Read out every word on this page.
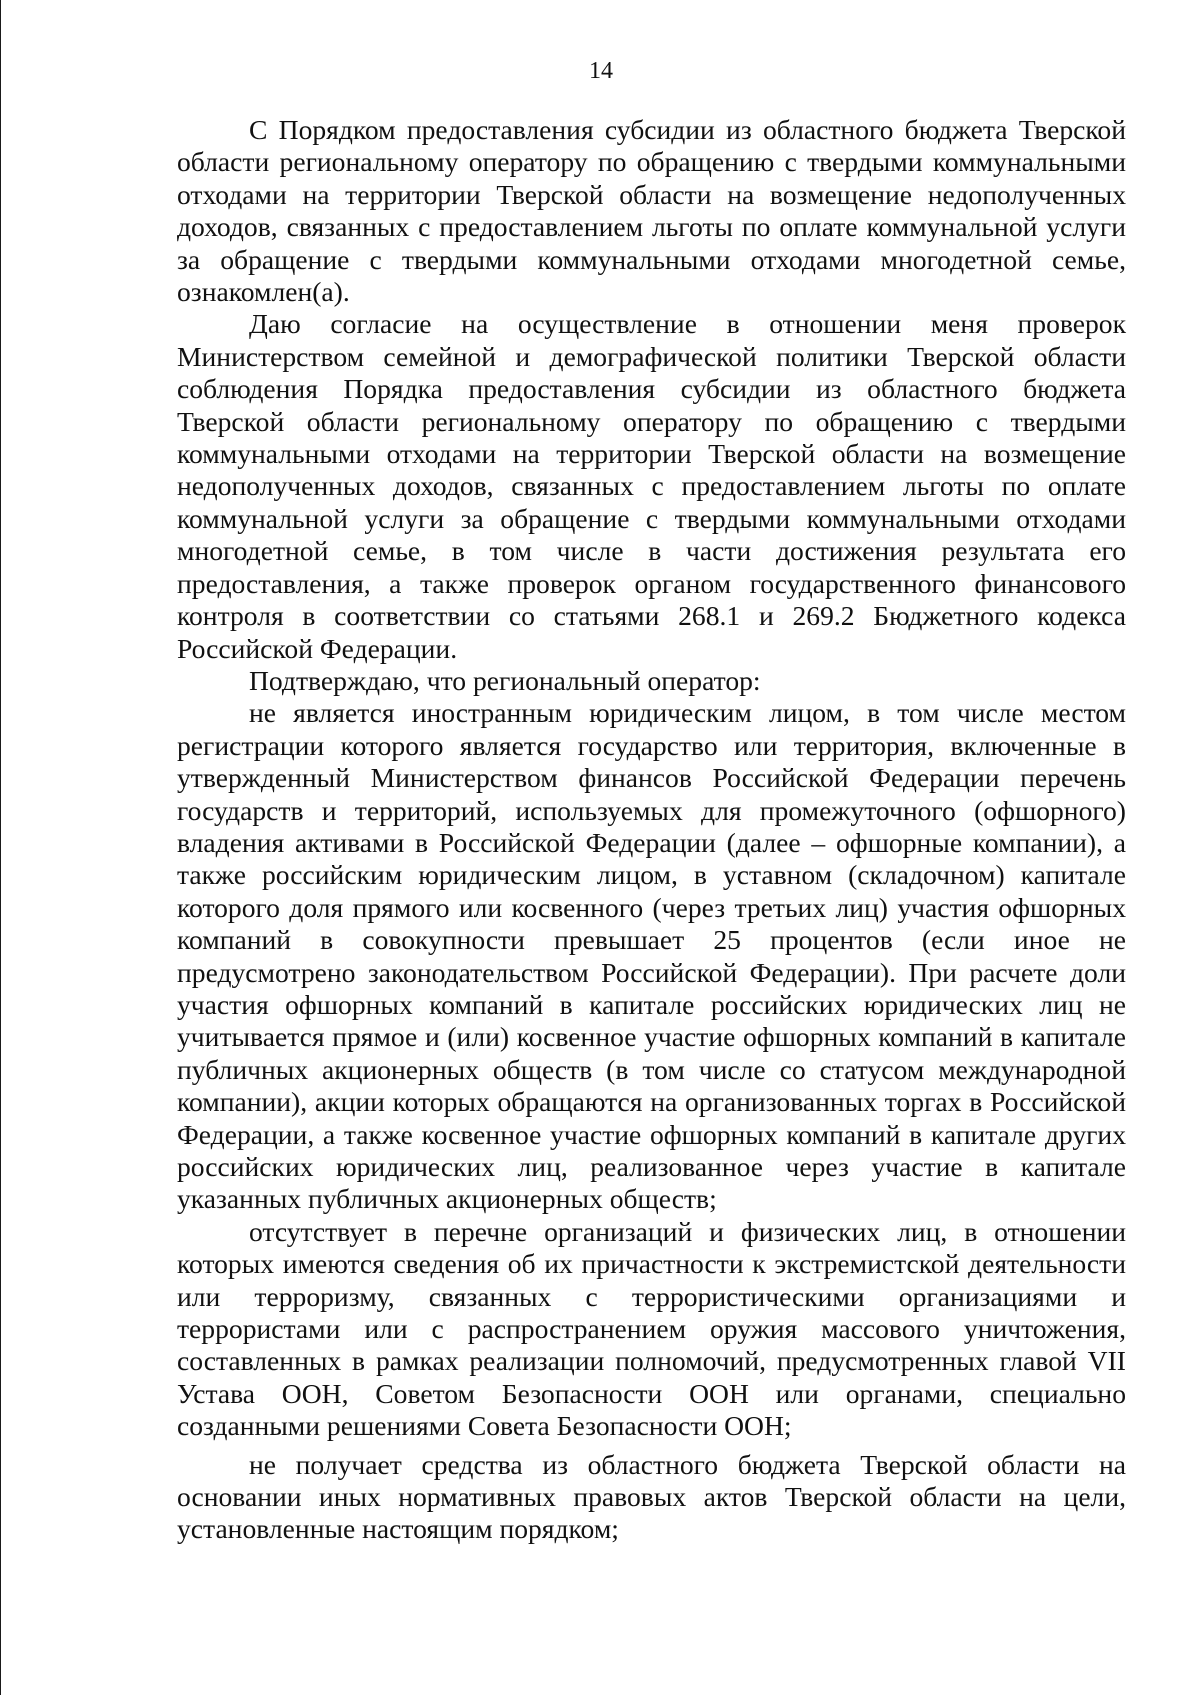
14

С Порядком предоставления субсидии из областного бюджета Тверской области региональному оператору по обращению с твердыми коммунальными отходами на территории Тверской области на возмещение недополученных доходов, связанных с предоставлением льготы по оплате коммунальной услуги за обращение с твердыми коммунальными отходами многодетной семье, ознакомлен(а).

Даю согласие на осуществление в отношении меня проверок Министерством семейной и демографической политики Тверской области соблюдения Порядка предоставления субсидии из областного бюджета Тверской области региональному оператору по обращению с твердыми коммунальными отходами на территории Тверской области на возмещение недополученных доходов, связанных с предоставлением льготы по оплате коммунальной услуги за обращение с твердыми коммунальными отходами многодетной семье, в том числе в части достижения результата его предоставления, а также проверок органом государственного финансового контроля в соответствии со статьями 268.1 и 269.2 Бюджетного кодекса Российской Федерации.

Подтверждаю, что региональный оператор:

не является иностранным юридическим лицом, в том числе местом регистрации которого является государство или территория, включенные в утвержденный Министерством финансов Российской Федерации перечень государств и территорий, используемых для промежуточного (офшорного) владения активами в Российской Федерации (далее – офшорные компании), а также российским юридическим лицом, в уставном (складочном) капитале которого доля прямого или косвенного (через третьих лиц) участия офшорных компаний в совокупности превышает 25 процентов (если иное не предусмотрено законодательством Российской Федерации). При расчете доли участия офшорных компаний в капитале российских юридических лиц не учитывается прямое и (или) косвенное участие офшорных компаний в капитале публичных акционерных обществ (в том числе со статусом международной компании), акции которых обращаются на организованных торгах в Российской Федерации, а также косвенное участие офшорных компаний в капитале других российских юридических лиц, реализованное через участие в капитале указанных публичных акционерных обществ;

отсутствует в перечне организаций и физических лиц, в отношении которых имеются сведения об их причастности к экстремистской деятельности или терроризму, связанных с террористическими организациями и террористами или с распространением оружия массового уничтожения, составленных в рамках реализации полномочий, предусмотренных главой VII Устава ООН, Советом Безопасности ООН или органами, специально созданными решениями Совета Безопасности ООН;

не получает средства из областного бюджета Тверской области на основании иных нормативных правовых актов Тверской области на цели, установленные настоящим порядком;
